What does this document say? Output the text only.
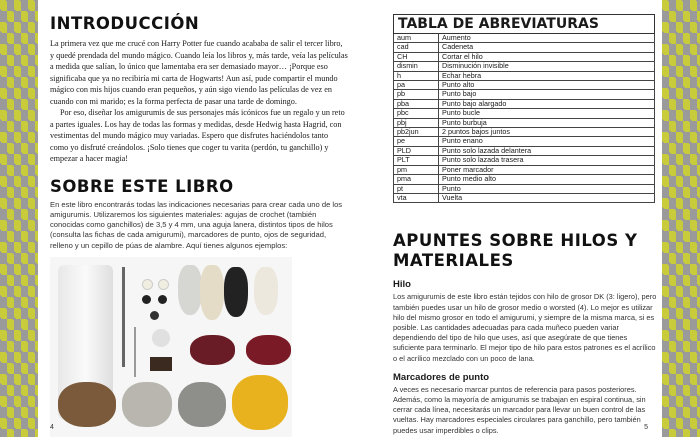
INTRODUCCIÓN

La primera vez que me crucé con Harry Potter fue cuando acababa de salir el tercer libro, y quedé prendada del mundo mágico. Cuando leía los libros y, más tarde, veía las películas a medida que salían, lo único que lamentaba era ser demasiado mayor… ¡Porque eso significaba que ya no recibiría mi carta de Hogwarts! Aun así, pude compartir el mundo mágico con mis hijos cuando eran pequeños, y aún sigo viendo las películas de vez en cuando con mi marido; es la forma perfecta de pasar una tarde de domingo.

Por eso, diseñar los amigurumis de sus personajes más icónicos fue un regalo y un reto a partes iguales. Los hay de todas las formas y medidas, desde Hedwig hasta Hagrid, con vestimentas del mundo mágico muy variadas. Espero que disfrutes haciéndolos tanto como yo disfruté creándolos. ¡Solo tienes que coger tu varita (perdón, tu ganchillo) y empezar a hacer magia!

SOBRE ESTE LIBRO
En este libro encontrarás todas las indicaciones necesarias para crear cada uno de los amigurumis. Utilizaremos los siguientes materiales: agujas de crochet (también conocidas como ganchillos) de 3,5 y 4 mm, una aguja lanera, distintos tipos de hilos (consulta las fichas de cada amigurumi), marcadores de punto, ojos de seguridad, relleno y un cepillo de púas de alambre. Aquí tienes algunos ejemplos:
4
TABLA DE ABREVIATURAS	
aum	Aumento
cad	Cadeneta
CH	Cortar el hilo
dismin	Disminución invisible
h	Echar hebra
pa	Punto alto
pb	Punto bajo
pba	Punto bajo alargado
pbc	Punto bucle
pbj	Punto burbuja
pb2jun	2 puntos bajos juntos
pe	Punto enano
PLD	Punto solo lazada delantera
PLT	Punto solo lazada trasera
pm	Poner marcador
pma	Punto medio alto
pt	Punto
vta	Vuelta
APUNTES SOBRE HILOS Y MATERIALES
Hilo

Los amigurumis de este libro están tejidos con hilo de grosor DK (3: ligero), pero también puedes usar un hilo de grosor medio o worsted (4). Lo mejor es utilizar hilo del mismo grosor en todo el amigurumi, y siempre de la misma marca, si es posible. Las cantidades adecuadas para cada muñeco pueden variar dependiendo del tipo de hilo que uses, así que asegúrate de que tienes suficiente para terminarlo. El mejor tipo de hilo para estos patrones es el acrílico o el acrílico mezclado con un poco de lana.

Marcadores de punto

A veces es necesario marcar puntos de referencia para pasos posteriores. Además, como la mayoría de amigurumis se trabajan en espiral continua, sin cerrar cada línea, necesitarás un marcador para llevar un buen control de las vueltas. Hay marcadores especiales circulares para ganchillo, pero también puedes usar imperdibles o clips.	5
